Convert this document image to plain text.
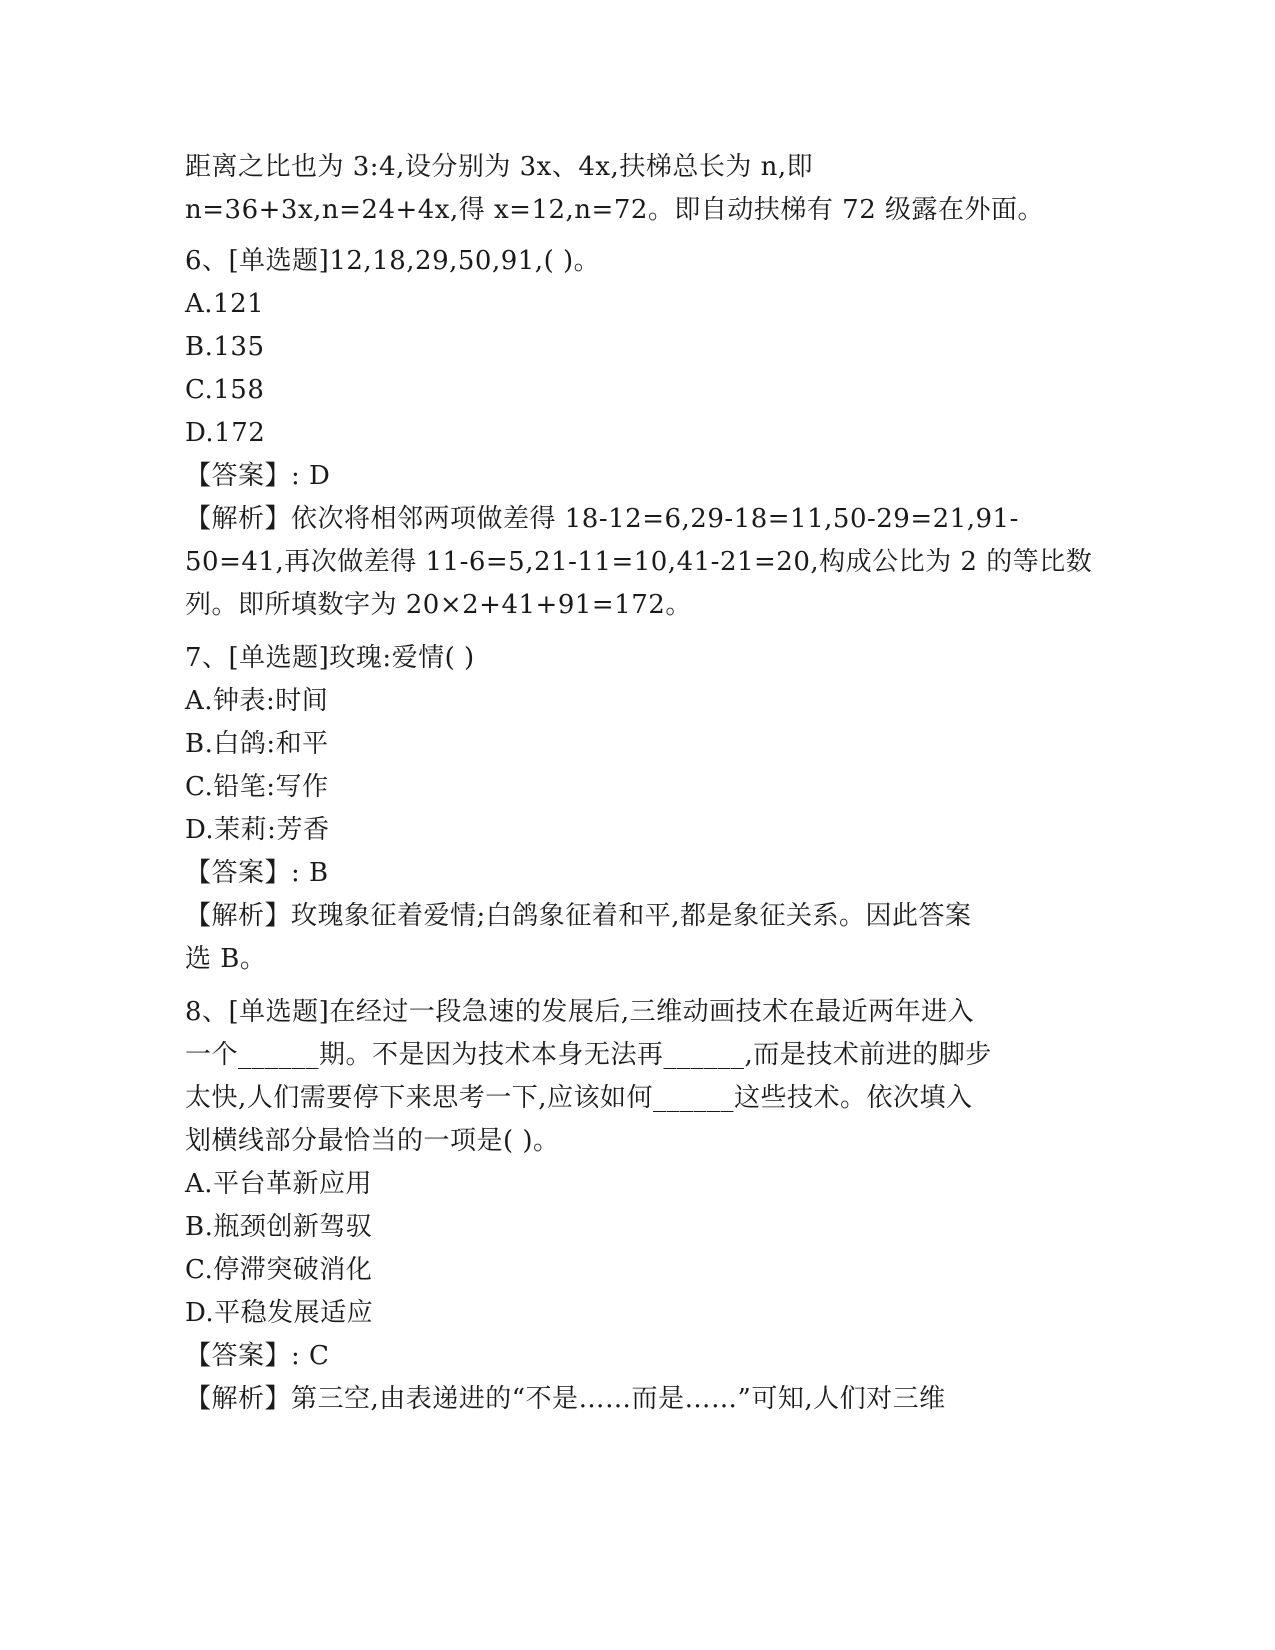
距离之比也为 3:4,设分别为 3x、4x,扶梯总长为 n,即
n=36+3x,n=24+4x,得 x=12,n=72。即自动扶梯有 72 级露在外面。
6、[单选题]12,18,29,50,91,( )。
A.121
B.135
C.158
D.172
【答案】: D
【解析】依次将相邻两项做差得 18-12=6,29-18=11,50-29=21,91-
50=41,再次做差得 11-6=5,21-11=10,41-21=20,构成公比为 2 的等比数
列。即所填数字为 20×2+41+91=172。
7、[单选题]玫瑰:爱情( )
A.钟表:时间
B.白鸽:和平
C.铅笔:写作
D.茉莉:芳香
【答案】: B
【解析】玫瑰象征着爱情;白鸽象征着和平,都是象征关系。因此答案
选 B。
8、[单选题]在经过一段急速的发展后,三维动画技术在最近两年进入
一个______期。不是因为技术本身无法再______,而是技术前进的脚步
太快,人们需要停下来思考一下,应该如何______这些技术。依次填入
划横线部分最恰当的一项是( )。
A.平台革新应用
B.瓶颈创新驾驭
C.停滞突破消化
D.平稳发展适应
【答案】: C
【解析】第三空,由表递进的“不是……而是……”可知,人们对三维
